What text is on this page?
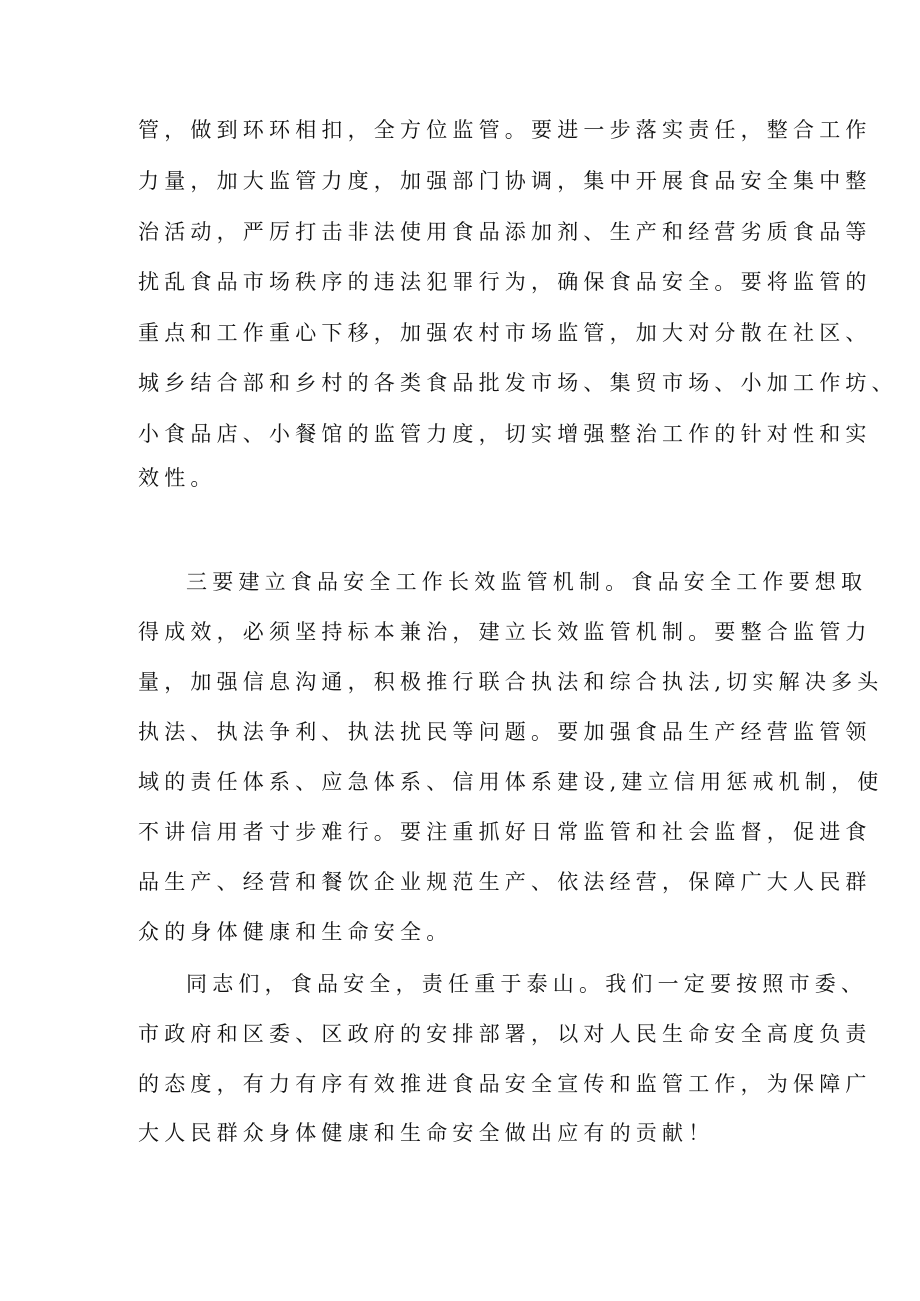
管，做到环环相扣，全方位监管。要进一步落实责任，整合工作

力量，加大监管力度，加强部门协调，集中开展食品安全集中整

治活动，严厉打击非法使用食品添加剂、生产和经营劣质食品等

扰乱食品市场秩序的违法犯罪行为，确保食品安全。要将监管的

重点和工作重心下移，加强农村市场监管，加大对分散在社区、

城乡结合部和乡村的各类食品批发市场、集贸市场、小加工作坊、

小食品店、小餐馆的监管力度，切实增强整治工作的针对性和实

效性。

三要建立食品安全工作长效监管机制。食品安全工作要想取

得成效，必须坚持标本兼治，建立长效监管机制。要整合监管力

量，加强信息沟通，积极推行联合执法和综合执法,切实解决多头

执法、执法争利、执法扰民等问题。要加强食品生产经营监管领

域的责任体系、应急体系、信用体系建设,建立信用惩戒机制，使

不讲信用者寸步难行。要注重抓好日常监管和社会监督，促进食

品生产、经营和餐饮企业规范生产、依法经营，保障广大人民群

众的身体健康和生命安全。

同志们，食品安全，责任重于泰山。我们一定要按照市委、

市政府和区委、区政府的安排部署，以对人民生命安全高度负责

的态度，有力有序有效推进食品安全宣传和监管工作，为保障广

大人民群众身体健康和生命安全做出应有的贡献！
